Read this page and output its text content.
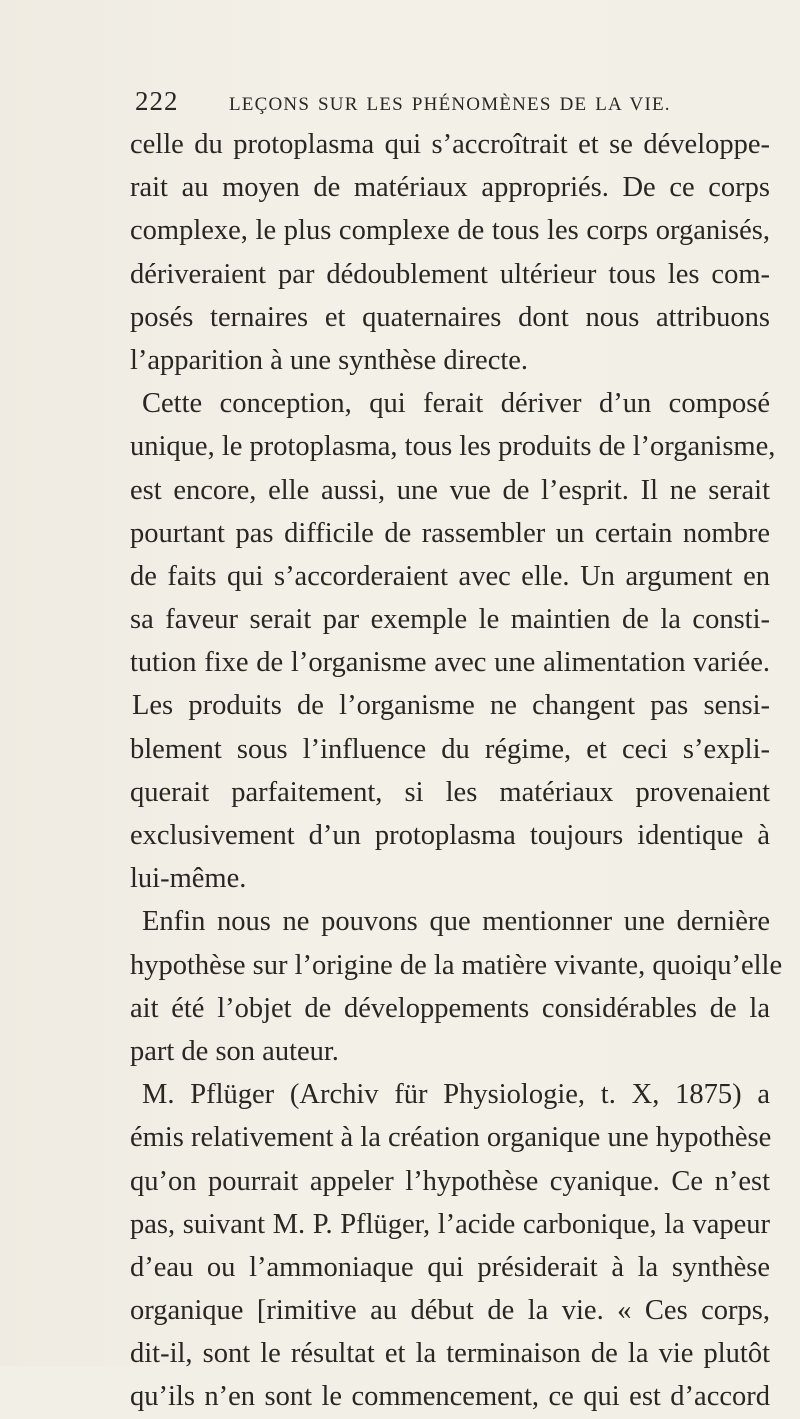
222	LEÇONS SUR LES PHÉNOMÈNES DE LA VIE.
celle du protoplasma qui s’accroîtrait et se développe-
rait au moyen de matériaux appropriés. De ce corps
complexe, le plus complexe de tous les corps organisés,
dériveraient par dédoublement ultérieur tous les com-
posés ternaires et quaternaires dont nous attribuons
l’apparition à une synthèse directe.
Cette conception, qui ferait dériver d’un composé
unique, le protoplasma, tous les produits de l’organisme,
est encore, elle aussi, une vue de l’esprit. Il ne serait
pourtant pas difficile de rassembler un certain nombre
de faits qui s’accorderaient avec elle. Un argument en
sa faveur serait par exemple le maintien de la consti-
tution fixe de l’organisme avec une alimentation variée.
Les produits de l’organisme ne changent pas sensi-
blement sous l’influence du régime, et ceci s’expli-
querait parfaitement, si les matériaux provenaient
exclusivement d’un protoplasma toujours identique à
lui-même.
Enfin nous ne pouvons que mentionner une dernière
hypothèse sur l’origine de la matière vivante, quoiqu’elle
ait été l’objet de développements considérables de la
part de son auteur.
M. Pflüger (Archiv für Physiologie, t. X, 1875) a
émis relativement à la création organique une hypothèse
qu’on pourrait appeler l’hypothèse cyanique. Ce n’est
pas, suivant M. P. Pflüger, l’acide carbonique, la vapeur
d’eau ou l’ammoniaque qui présiderait à la synthèse
organique [rimitive au début de la vie. « Ces corps,
dit-il, sont le résultat et la terminaison de la vie plutôt
qu’ils n’en sont le commencement, ce qui est d’accord
